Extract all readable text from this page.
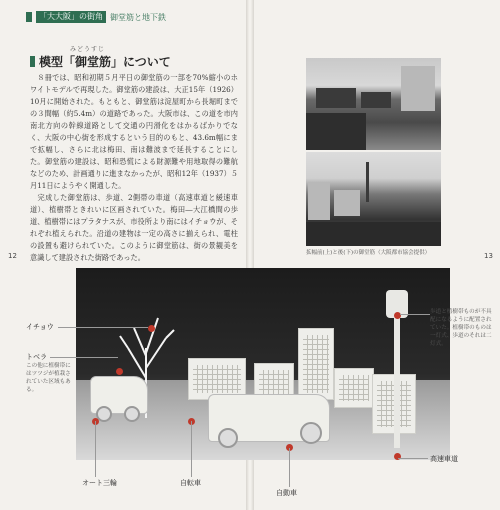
「大大阪」の街角 御堂筋と地下鉄
みどうすじ
模型「御堂筋」について

　８冊では、昭和初期５月平日の御堂筋の一部を70%縮小のホワイトモデルで再現した。御堂筋の建設は、大正15年（1926）10月に開始された。もともと、御堂筋は淀屋町から長堀町までの３間幅（約5.4m）の道路であった。大阪市は、この道を市内南北方向の幹線道路として交通の円滑化をはかるばかりでなく、大阪の中心街を形成するという目的のもと、43.6m幅にまで拡幅し、さらに北は梅田、南は難波まで延長することにした。御堂筋の建設は、昭和恐慌による財源難や用地取得の難航などのため、計画通りに進まなかったが、昭和12年（1937）５月11日にようやく開通した。

　完成した御堂筋は、歩道、2側帯の車道（高速車道と緩速車道）、植樹帯ときれいに区画されていた。梅田―大江橋間の歩道、植樹帯にはプラタナスが、市役所より南にはイチョウが、それぞれ植えられた。沿道の建物は一定の高さに揃えられ、電柱の設置も避けられていた。このように御堂筋は、街の景観美を意識して建設された街路であった。

12	13
拡幅前(上)と後(下)の御堂筋（大阪都市協会提供）
イチョウ
トベラ
この他に植樹帯にはツツジが植栽されていた区域もある。
街灯
歩道と植樹帯ものが不具配になるように配置されていた。植樹帯のものは一灯式、歩道のそれは二灯式。
高速車道
オート三輪	自転車
自動車
